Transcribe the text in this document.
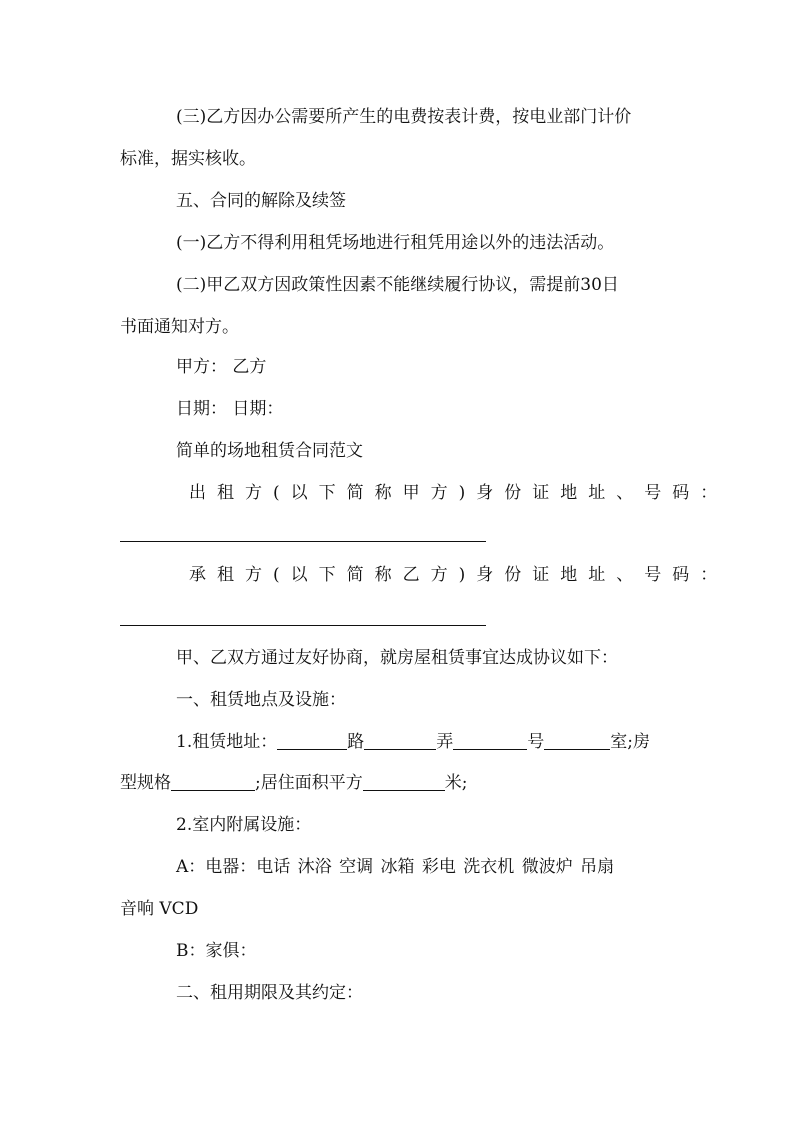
(三)乙方因办公需要所产生的电费按表计费，按电业部门计价
标准，据实核收。
五、合同的解除及续签
(一)乙方不得利用租凭场地进行租凭用途以外的违法活动。
(二)甲乙双方因政策性因素不能继续履行协议，需提前30日
书面通知对方。
甲方： 乙方
日期： 日期：
简单的场地租赁合同范文
出租方(以下简称甲方)身份证地址、号码：
承租方(以下简称乙方)身份证地址、号码：
甲、乙双方通过友好协商，就房屋租赁事宜达成协议如下：
一、租赁地点及设施：
1.租赁地址：	路	弄	号	室;房
型规格	;居住面积平方	米;
2.室内附属设施：
A：电器：电话 沐浴 空调 冰箱 彩电 洗衣机 微波炉 吊扇
音响 VCD
B：家俱：
二、租用期限及其约定：
